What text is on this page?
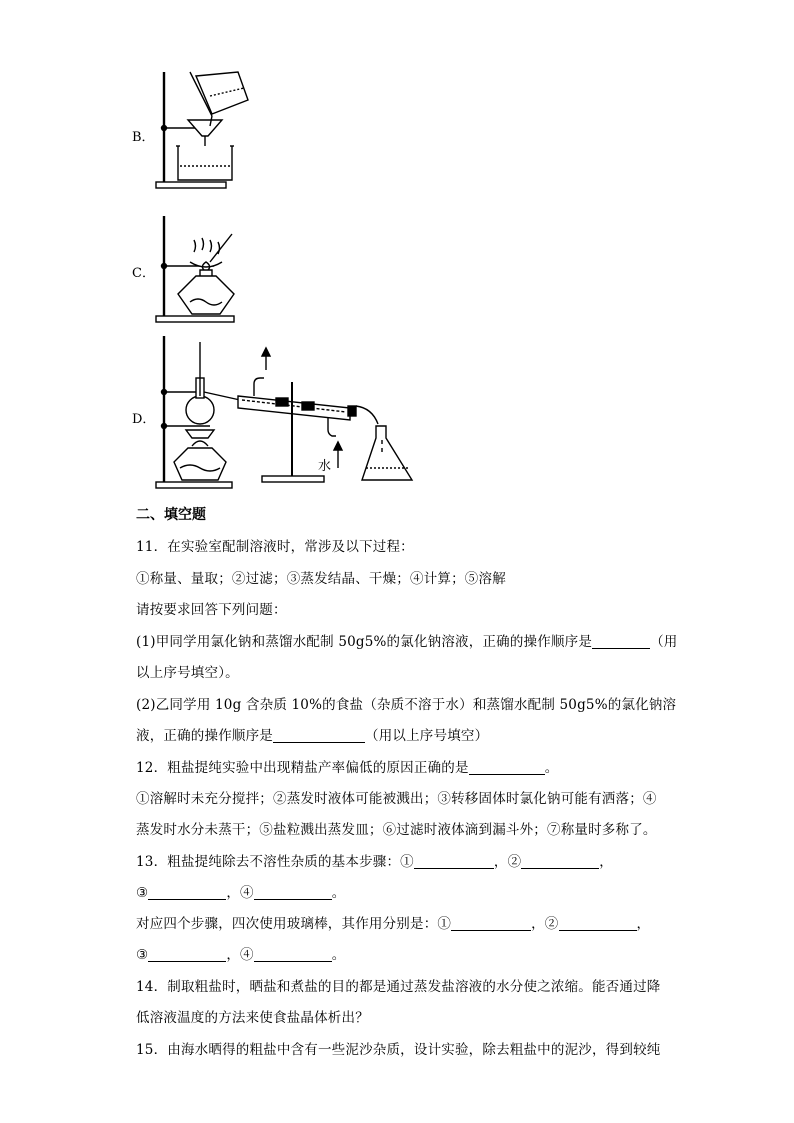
B．
C．
D．
水
二、填空题
11．在实验室配制溶液时，常涉及以下过程：
①称量、量取；②过滤；③蒸发结晶、干燥；④计算；⑤溶解
请按要求回答下列问题：
(1)甲同学用氯化钠和蒸馏水配制 50g5%的氯化钠溶液，正确的操作顺序是	（用
以上序号填空）。
(2)乙同学用 10g 含杂质 10%的食盐（杂质不溶于水）和蒸馏水配制 50g5%的氯化钠溶
液，正确的操作顺序是	（用以上序号填空）
12．粗盐提纯实验中出现精盐产率偏低的原因正确的是	。
①溶解时未充分搅拌；②蒸发时液体可能被溅出；③转移固体时氯化钠可能有洒落；④
蒸发时水分未蒸干；⑤盐粒溅出蒸发皿；⑥过滤时液体滴到漏斗外；⑦称量时多称了。
13．粗盐提纯除去不溶性杂质的基本步骤：①	，②	，
③	，④	。
对应四个步骤，四次使用玻璃棒，其作用分别是：①	，②	，
③	，④	。
14．制取粗盐时，晒盐和煮盐的目的都是通过蒸发盐溶液的水分使之浓缩。能否通过降
低溶液温度的方法来使食盐晶体析出？
15．由海水晒得的粗盐中含有一些泥沙杂质，设计实验，除去粗盐中的泥沙，得到较纯
